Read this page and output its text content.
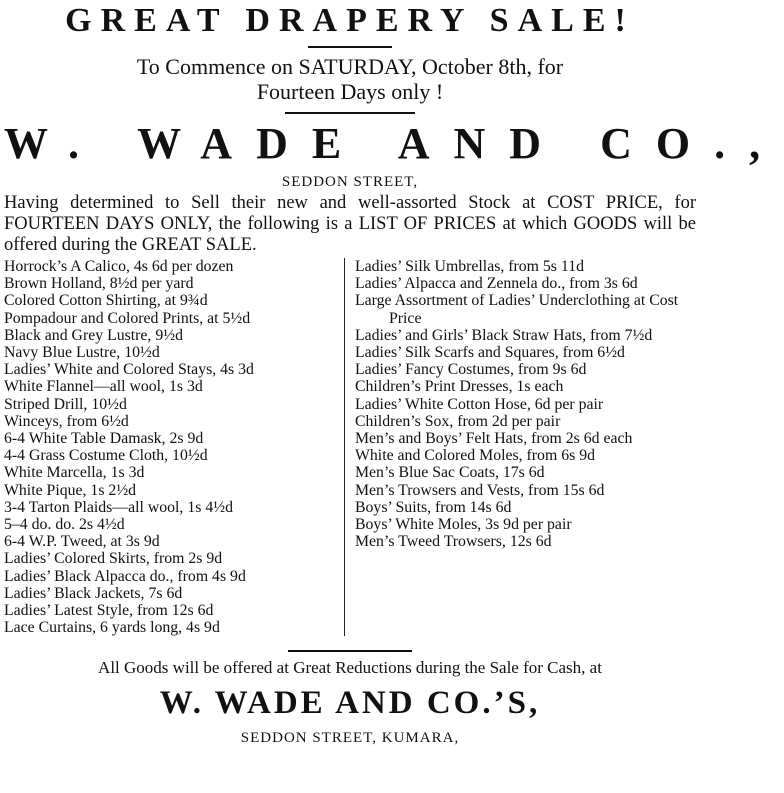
GREAT DRAPERY SALE!

To Commence on SATURDAY, October 8th, for

Fourteen Days only !

W. WADE AND CO.,

SEDDON STREET,

Having determined to Sell their new and well-assorted Stock at COST PRICE, for FOURTEEN DAYS ONLY, the following is a LIST OF PRICES at which GOODS will be offered during the GREAT SALE.

Horrock’s A Calico, 4s 6d per dozen

Brown Holland, 8½d per yard

Colored Cotton Shirting, at 9¾d

Pompadour and Colored Prints, at 5½d

Black and Grey Lustre, 9½d

Navy Blue Lustre, 10½d

Ladies’ White and Colored Stays, 4s 3d

White Flannel—all wool, 1s 3d

Striped Drill, 10½d

Winceys, from 6½d

6-4 White Table Damask, 2s 9d

4-4 Grass Costume Cloth, 10½d

White Marcella, 1s 3d

White Pique, 1s 2½d

3-4 Tarton Plaids—all wool, 1s 4½d

5–4 do. do. 2s 4½d

6-4 W.P. Tweed, at 3s 9d

Ladies’ Colored Skirts, from 2s 9d

Ladies’ Black Alpacca do., from 4s 9d

Ladies’ Black Jackets, 7s 6d

Ladies’ Latest Style, from 12s 6d

Lace Curtains, 6 yards long, 4s 9d

Ladies’ Silk Umbrellas, from 5s 11d

Ladies’ Alpacca and Zennela do., from 3s 6d

Large Assortment of Ladies’ Underclothing at Cost Price

Ladies’ and Girls’ Black Straw Hats, from 7½d

Ladies’ Silk Scarfs and Squares, from 6½d

Ladies’ Fancy Costumes, from 9s 6d

Children’s Print Dresses, 1s each

Ladies’ White Cotton Hose, 6d per pair

Children’s Sox, from 2d per pair

Men’s and Boys’ Felt Hats, from 2s 6d each

White and Colored Moles, from 6s 9d

Men’s Blue Sac Coats, 17s 6d

Men’s Trowsers and Vests, from 15s 6d

Boys’ Suits, from 14s 6d

Boys’ White Moles, 3s 9d per pair

Men’s Tweed Trowsers, 12s 6d

All Goods will be offered at Great Reductions during the Sale for Cash, at

W. WADE AND CO.’S,

SEDDON STREET, KUMARA,
